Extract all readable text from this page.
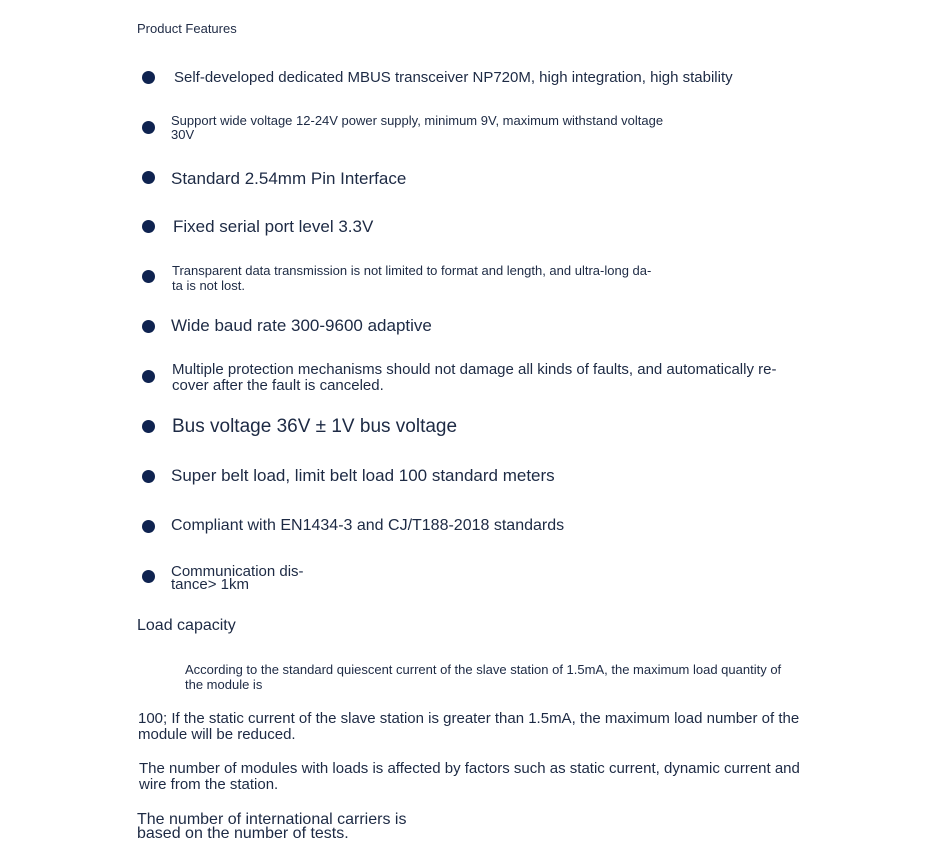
Product Features
Self-developed dedicated MBUS transceiver NP720M, high integration, high stability
Support wide voltage 12-24V power supply, minimum 9V, maximum withstand voltage
30V
Standard 2.54mm Pin Interface
Fixed serial port level 3.3V
Transparent data transmission is not limited to format and length, and ultra-long da-
ta is not lost.
Wide baud rate 300-9600 adaptive
Multiple protection mechanisms should not damage all kinds of faults, and automatically re-
cover after the fault is canceled.
Bus voltage 36V ± 1V bus voltage
Super belt load, limit belt load 100 standard meters
Compliant with EN1434-3 and CJ/T188-2018 standards
Communication dis-
tance> 1km
Load capacity
According to the standard quiescent current of the slave station of 1.5mA, the maximum load quantity of
the module is
100; If the static current of the slave station is greater than 1.5mA, the maximum load number of the
module will be reduced.
The number of modules with loads is affected by factors such as static current, dynamic current and
wire from the station.
The number of international carriers is
based on the number of tests.
